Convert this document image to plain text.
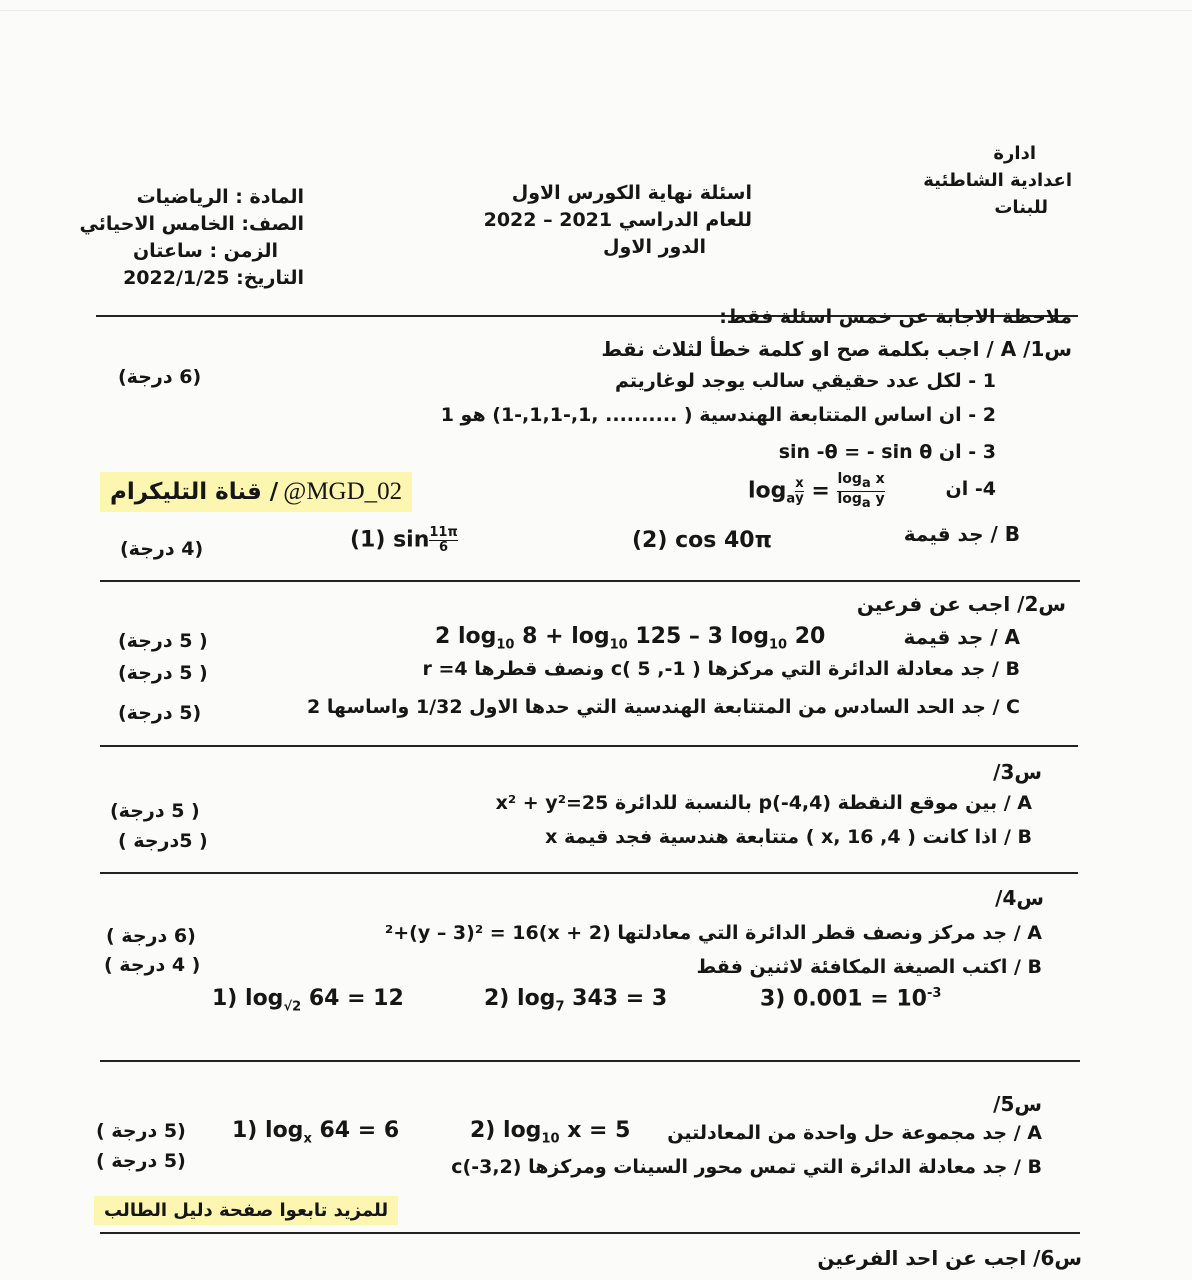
ادارة
اعدادية الشاطئية
للبنات
اسئلة نهاية الكورس الاول
للعام الدراسي 2021 – 2022
الدور الاول
المادة : الرياضيات
الصف: الخامس الاحيائي
الزمن : ساعتان
التاريخ: 2022/1/25
ملاحظة الاجابة عن خمس اسئلة فقط:
س1/ A / اجب بكلمة صح او كلمة خطأ لثلاث نقط
(6 درجة)	1 - لكل عدد حقيقي سالب يوجد لوغاريتم
2 - ان اساس المتتابعة الهندسية ( .......... ,1,-1,1,-1) هو 1
3 - ان sin -θ = - sin θ
4- ان
$\log_a \frac{x}{y} = \frac{\log_a x}{\log_a y}$
قناة التليكرام / @MGD_02
B / جد قيمة
(2) cos 40π
(1) $\sin \frac{11\pi}{6}$
(4 درجة)
س2/ اجب عن فرعين
A / جد قيمة
2 $\log_{10} 8 + \log_{10} 125 - 3$ $\log_{10} 20$
B / جد معادلة الدائرة التي مركزها c( 5 ,-1 ) ونصف قطرها r =4
C / جد الحد السادس من المتتابعة الهندسية التي حدها الاول 1/32 واساسها 2
( 5 درجة)
( 5 درجة)
(5 درجة)
س3/
A / بين موقع النقطة p(-4,4) بالنسبة للدائرة x² + y²=25
B / اذا كانت ( 4, x, 16 ) متتابعة هندسية فجد قيمة x
( 5 درجة)
( 5درجة )
س4/
A / جد مركز ونصف قطر الدائرة التي معادلتها (x + 2)²+(y – 3)² = 16
B / اكتب الصيغة المكافئة لاثنين فقط
(6 درجة )
( 4 درجة )
1) $\log_{√2} 64 = 12$	2) $\log_7 343 = 3$	3) $0.001 = 10^{-3}$
س5/
A / جد مجموعة حل واحدة من المعادلتين
2) $\log_{10} x = 5$
1) $\log_x 64 = 6$
B / جد معادلة الدائرة التي تمس محور السينات ومركزها c(-3,2)
(5 درجة )
(5 درجة )
للمزيد تابعوا صفحة دليل الطالب
س6/ اجب عن احد الفرعين
